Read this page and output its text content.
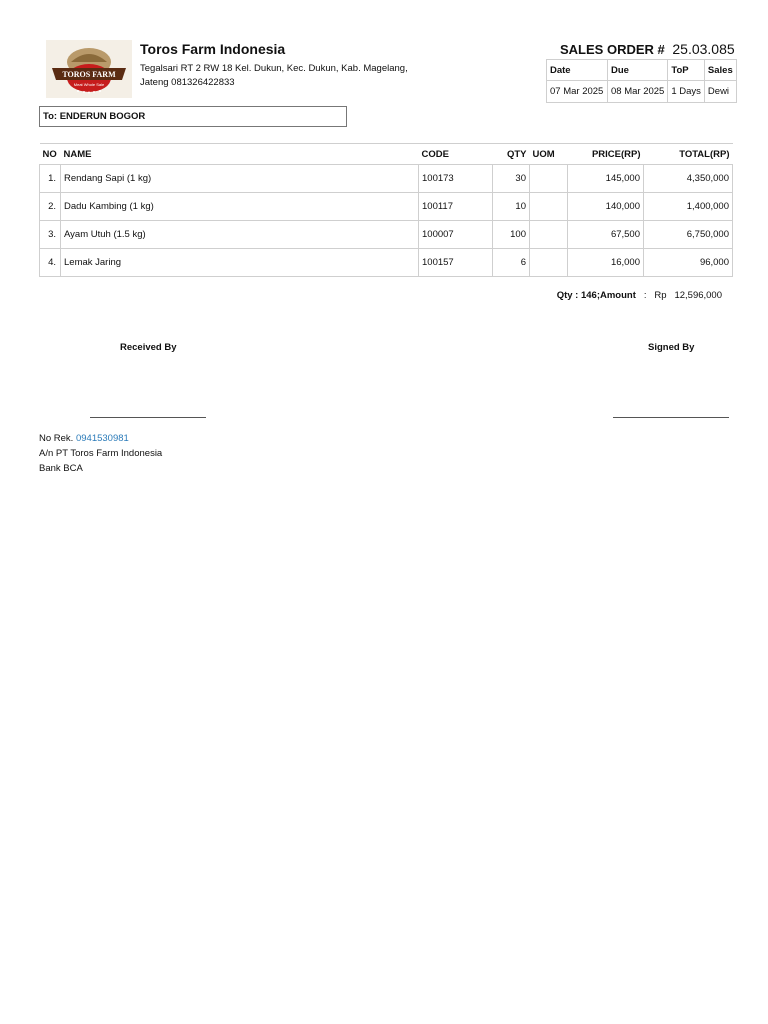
TOROS FARM
Meat Whole Sale
Toros Farm Indonesia
Tegalsari RT 2 RW 18 Kel. Dukun, Kec. Dukun, Kab. Magelang, Jateng 081326422833
SALES ORDER # 25.03.085
Date	Due	ToP	Sales
07 Mar 2025	08 Mar 2025	1 Days	Dewi
To: ENDERUN BOGOR
NO	NAME	CODE	QTY	UOM	PRICE(RP)	TOTAL(RP)
1.	Rendang Sapi (1 kg)	100173	30		145,000	4,350,000
2.	Dadu Kambing (1 kg)	100117	10		140,000	1,400,000
3.	Ayam Utuh (1.5 kg)	100007	100		67,500	6,750,000
4.	Lemak Jaring	100157	6		16,000	96,000
Qty : 146;Amount : Rp 12,596,000
Received By	Signed By
No Rek. 0941530981
A/n PT Toros Farm Indonesia
Bank BCA
